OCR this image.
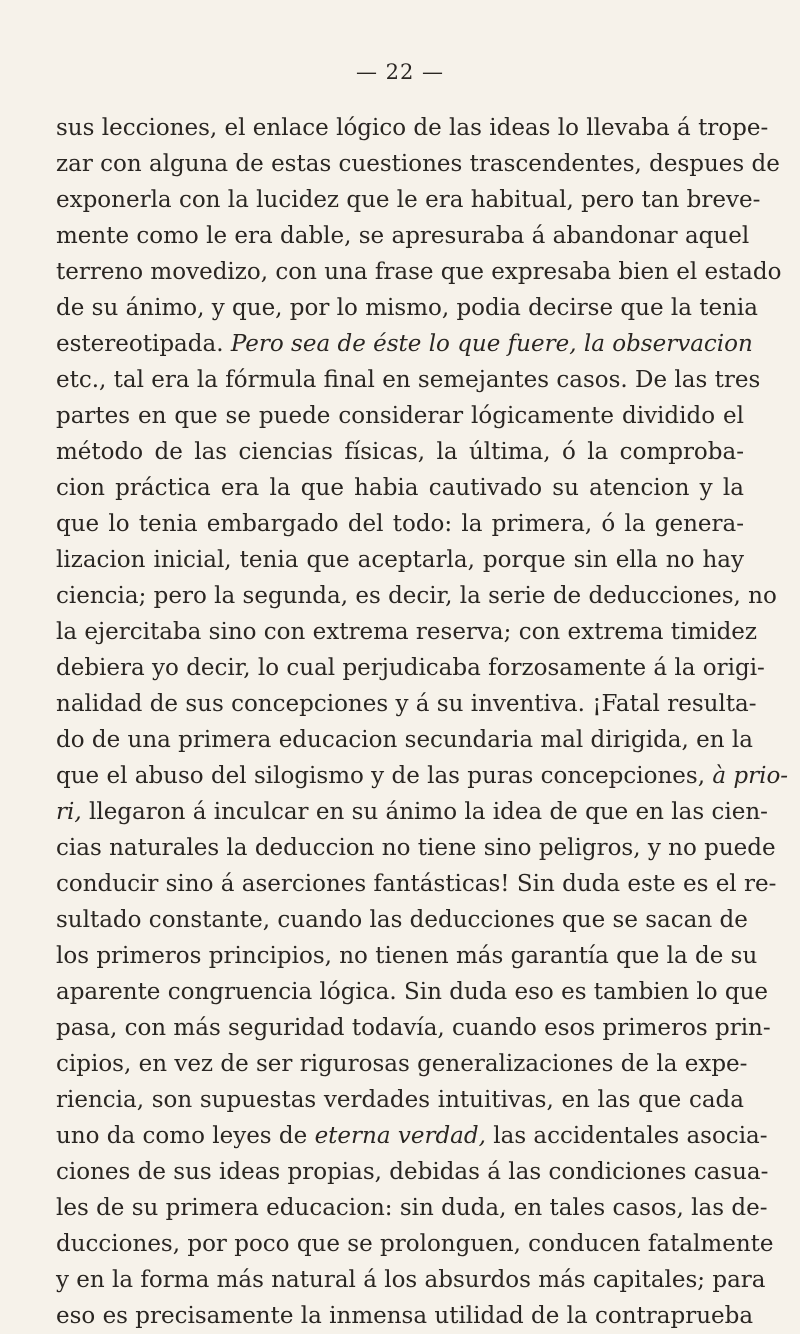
— 22 —
sus lecciones, el enlace lógico de las ideas lo llevaba á trope-
zar con alguna de estas cuestiones trascendentes, despues de
exponerla con la lucidez que le era habitual, pero tan breve-
mente como le era dable, se apresuraba á abandonar aquel
terreno movedizo, con una frase que expresaba bien el estado
de su ánimo, y que, por lo mismo, podia decirse que la tenia
estereotipada. Pero sea de éste lo que fuere, la observacion
etc., tal era la fórmula final en semejantes casos. De las tres
partes en que se puede considerar lógicamente dividido el
método de las ciencias físicas, la última, ó la comproba-
cion práctica era la que habia cautivado su atencion y la
que lo tenia embargado del todo: la primera, ó la genera-
lizacion inicial, tenia que aceptarla, porque sin ella no hay
ciencia; pero la segunda, es decir, la serie de deducciones, no
la ejercitaba sino con extrema reserva; con extrema timidez
debiera yo decir, lo cual perjudicaba forzosamente á la origi-
nalidad de sus concepciones y á su inventiva. ¡Fatal resulta-
do de una primera educacion secundaria mal dirigida, en la
que el abuso del silogismo y de las puras concepciones, à prio-
ri, llegaron á inculcar en su ánimo la idea de que en las cien-
cias naturales la deduccion no tiene sino peligros, y no puede
conducir sino á aserciones fantásticas! Sin duda este es el re-
sultado constante, cuando las deducciones que se sacan de
los primeros principios, no tienen más garantía que la de su
aparente congruencia lógica. Sin duda eso es tambien lo que
pasa, con más seguridad todavía, cuando esos primeros prin-
cipios, en vez de ser rigurosas generalizaciones de la expe-
riencia, son supuestas verdades intuitivas, en las que cada
uno da como leyes de eterna verdad, las accidentales asocia-
ciones de sus ideas propias, debidas á las condiciones casua-
les de su primera educacion: sin duda, en tales casos, las de-
ducciones, por poco que se prolonguen, conducen fatalmente
y en la forma más natural á los absurdos más capitales; para
eso es precisamente la inmensa utilidad de la contraprueba
